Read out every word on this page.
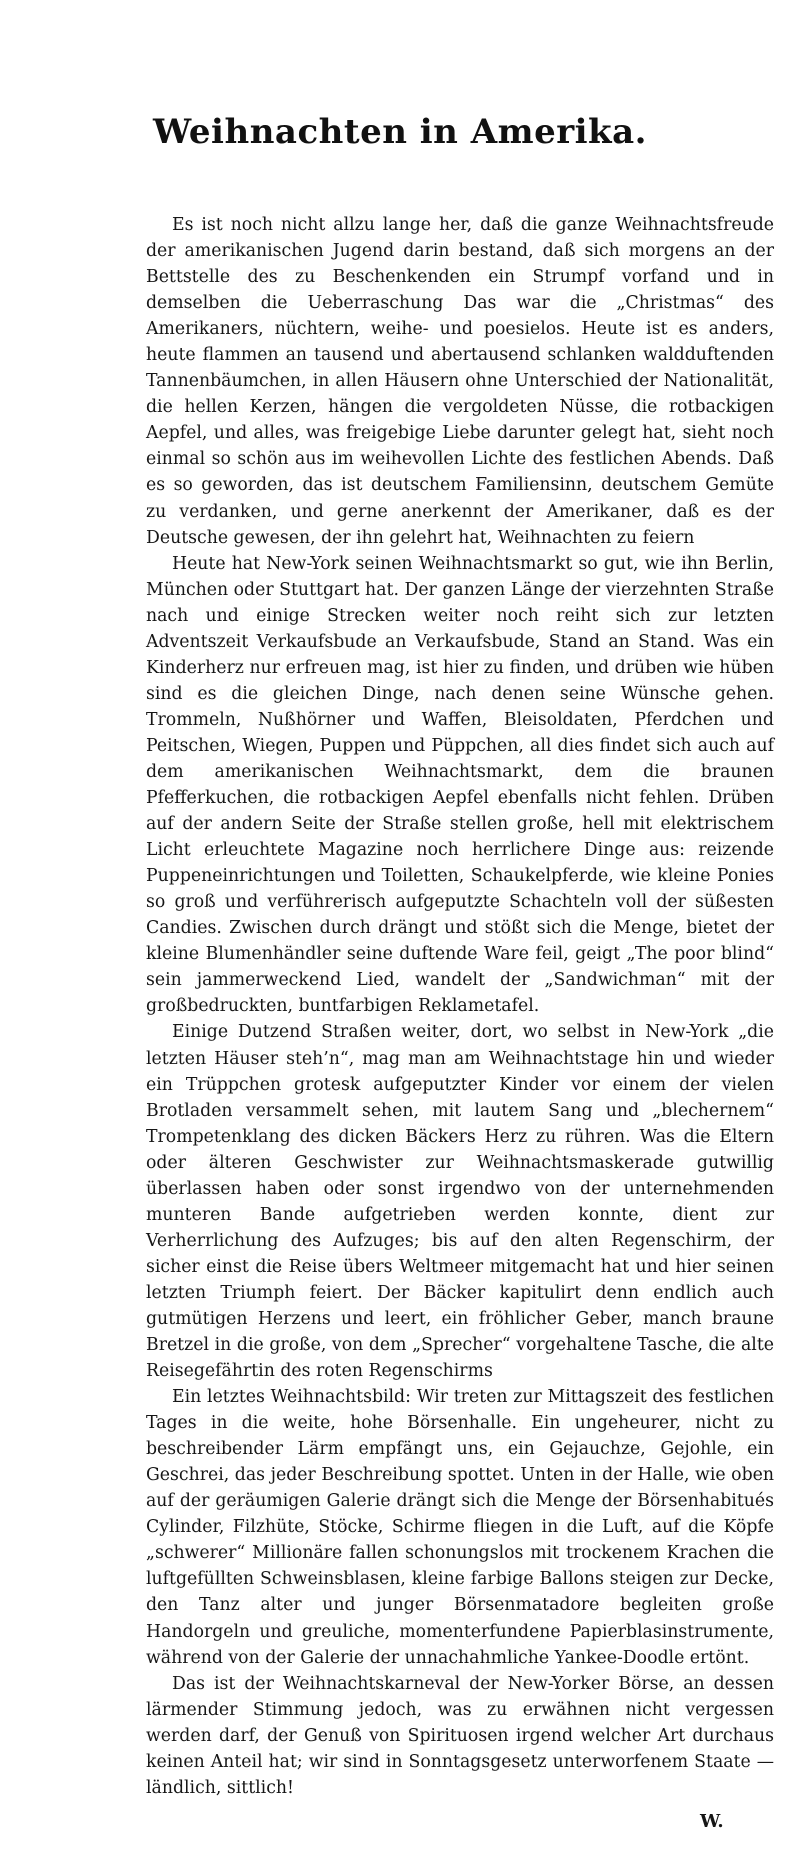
Weihnachten in Amerika.

Es ist noch nicht allzu lange her, daß die ganze Weihnachtsfreude der amerikanischen Jugend darin bestand, daß sich morgens an der Bettstelle des zu Beschenkenden ein Strumpf vorfand und in demselben die Ueberraschung Das war die „Christmas“ des Amerikaners, nüchtern, weihe- und poesielos. Heute ist es anders, heute flammen an tausend und abertausend schlanken waldduftenden Tannenbäumchen, in allen Häusern ohne Unterschied der Nationalität, die hellen Kerzen, hängen die vergoldeten Nüsse, die rotbackigen Aepfel, und alles, was freigebige Liebe darunter gelegt hat, sieht noch einmal so schön aus im weihevollen Lichte des festlichen Abends. Daß es so geworden, das ist deutschem Familiensinn, deutschem Gemüte zu verdanken, und gerne anerkennt der Amerikaner, daß es der Deutsche gewesen, der ihn gelehrt hat, Weihnachten zu feiern

Heute hat New-York seinen Weihnachtsmarkt so gut, wie ihn Berlin, München oder Stuttgart hat. Der ganzen Länge der vierzehnten Straße nach und einige Strecken weiter noch reiht sich zur letzten Adventszeit Verkaufsbude an Verkaufsbude, Stand an Stand. Was ein Kinderherz nur erfreuen mag, ist hier zu finden, und drüben wie hüben sind es die gleichen Dinge, nach denen seine Wünsche gehen. Trommeln, Nußhörner und Waffen, Bleisoldaten, Pferdchen und Peitschen, Wiegen, Puppen und Püppchen, all dies findet sich auch auf dem amerikanischen Weihnachtsmarkt, dem die braunen Pfefferkuchen, die rotbackigen Aepfel ebenfalls nicht fehlen. Drüben auf der andern Seite der Straße stellen große, hell mit elektrischem Licht erleuchtete Magazine noch herrlichere Dinge aus: reizende Puppeneinrichtungen und Toiletten, Schaukelpferde, wie kleine Ponies so groß und verführerisch aufgeputzte Schachteln voll der süßesten Candies. Zwischen durch drängt und stößt sich die Menge, bietet der kleine Blumenhändler seine duftende Ware feil, geigt „The poor blind“ sein jammerweckend Lied, wandelt der „Sandwichman“ mit der großbedruckten, buntfarbigen Reklametafel.

Einige Dutzend Straßen weiter, dort, wo selbst in New-York „die letzten Häuser steh’n“, mag man am Weihnachtstage hin und wieder ein Trüppchen grotesk aufgeputzter Kinder vor einem der vielen Brotladen versammelt sehen, mit lautem Sang und „blechernem“ Trompetenklang des dicken Bäckers Herz zu rühren. Was die Eltern oder älteren Geschwister zur Weihnachtsmaskerade gutwillig überlassen haben oder sonst irgendwo von der unternehmenden munteren Bande aufgetrieben werden konnte, dient zur Verherrlichung des Aufzuges; bis auf den alten Regenschirm, der sicher einst die Reise übers Weltmeer mitgemacht hat und hier seinen letzten Triumph feiert. Der Bäcker kapitulirt denn endlich auch gutmütigen Herzens und leert, ein fröhlicher Geber, manch braune Bretzel in die große, von dem „Sprecher“ vorgehaltene Tasche, die alte Reisegefährtin des roten Regenschirms

Ein letztes Weihnachtsbild: Wir treten zur Mittagszeit des festlichen Tages in die weite, hohe Börsenhalle. Ein ungeheurer, nicht zu beschreibender Lärm empfängt uns, ein Gejauchze, Gejohle, ein Geschrei, das jeder Beschreibung spottet. Unten in der Halle, wie oben auf der geräumigen Galerie drängt sich die Menge der Börsenhabitués Cylinder, Filzhüte, Stöcke, Schirme fliegen in die Luft, auf die Köpfe „schwerer“ Millionäre fallen schonungslos mit trockenem Krachen die luftgefüllten Schweinsblasen, kleine farbige Ballons steigen zur Decke, den Tanz alter und junger Börsenmatadore begleiten große Handorgeln und greuliche, momenterfundene Papierblasinstrumente, während von der Galerie der unnachahmliche Yankee-Doodle ertönt.

Das ist der Weihnachtskarneval der New-Yorker Börse, an dessen lärmender Stimmung jedoch, was zu erwähnen nicht vergessen werden darf, der Genuß von Spirituosen irgend welcher Art durchaus keinen Anteil hat; wir sind in Sonntagsgesetz unterworfenem Staate — ländlich, sittlich!

W.
